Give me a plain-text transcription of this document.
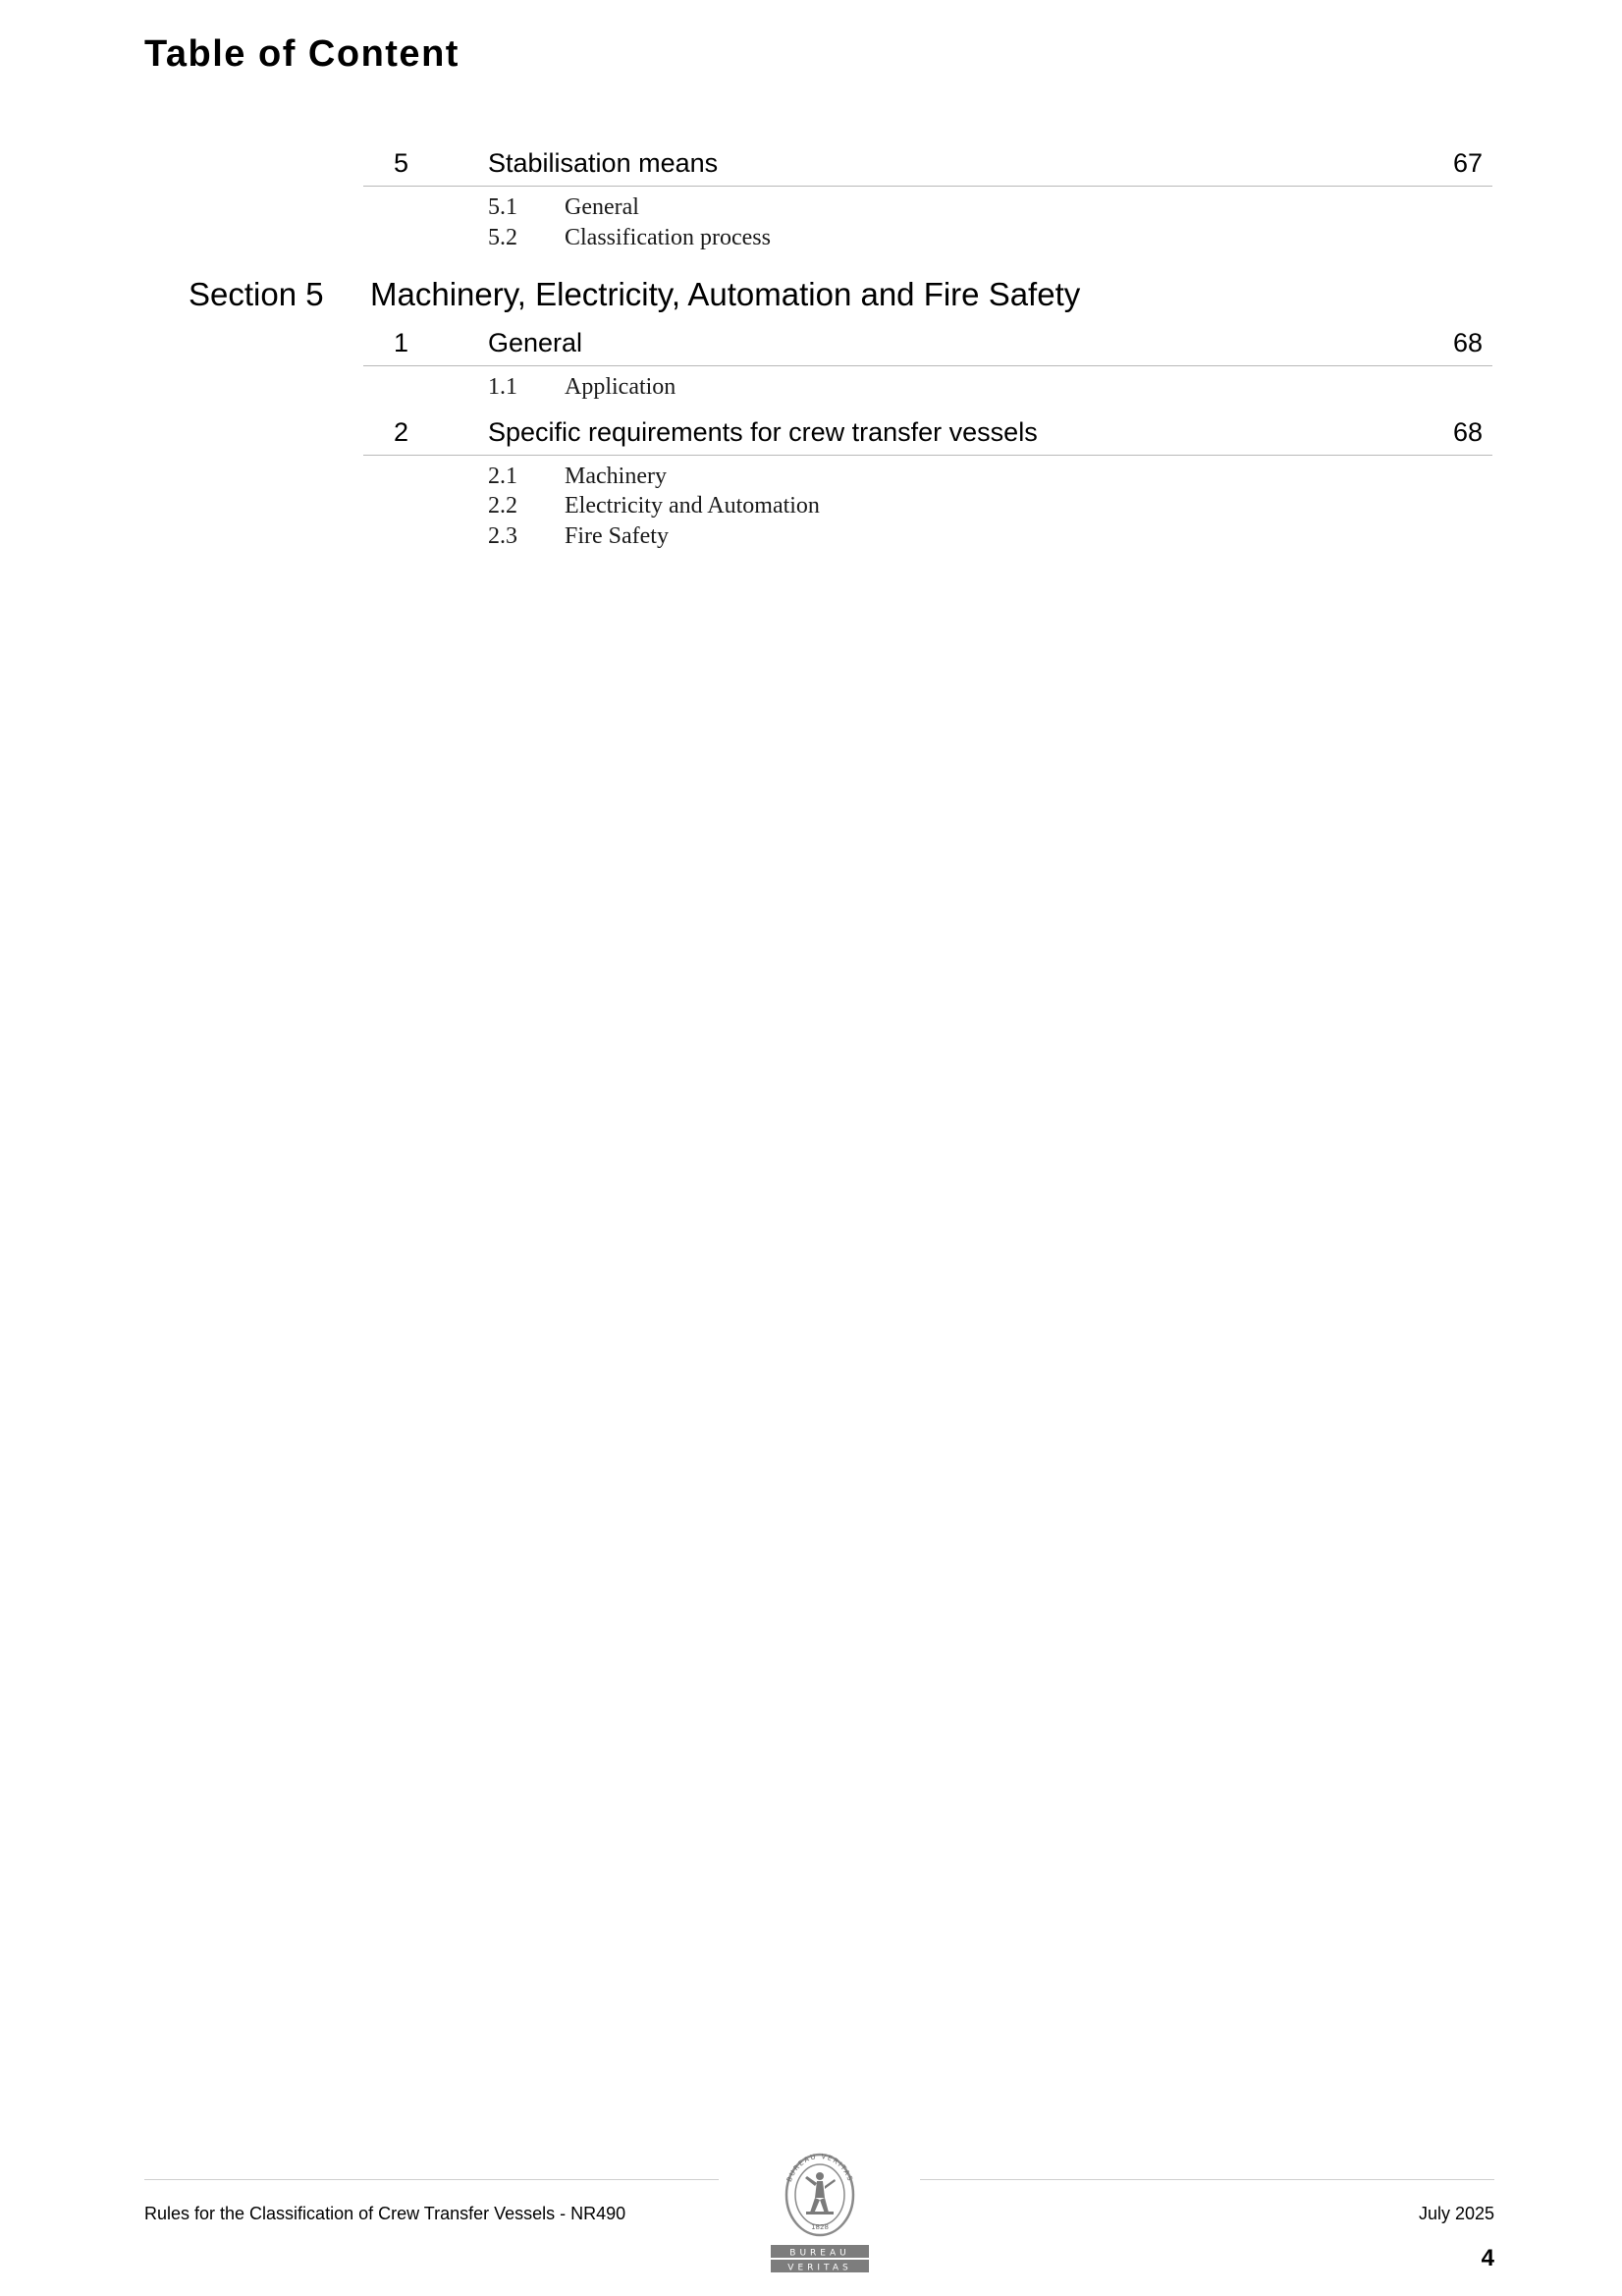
Table of Content
5	Stabilisation means	67
5.1 General
5.2 Classification process
Section 5 Machinery, Electricity, Automation and Fire Safety
1	General	68
1.1 Application
2	Specific requirements for crew transfer vessels	68
2.1 Machinery
2.2 Electricity and Automation
2.3 Fire Safety
Rules for the Classification of Crew Transfer Vessels - NR490	July 2025
4
BUREAU VERITAS
1828
BUREAU
VERITAS
